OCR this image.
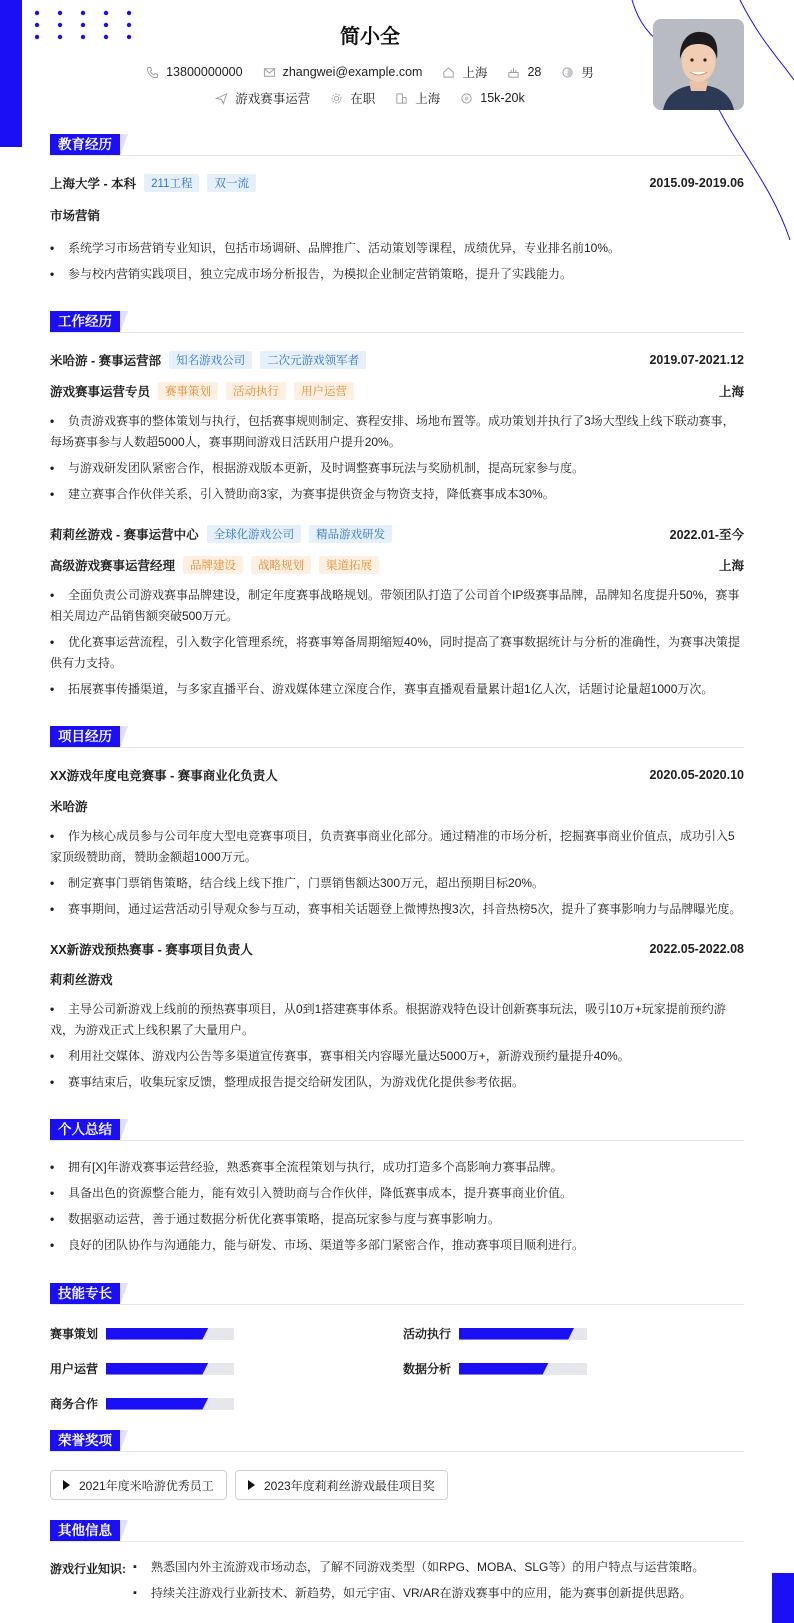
简小全
13800000000	zhangwei@example.com	上海	28	男
游戏赛事运营	在职	上海	15k-20k
教育经历
上海大学 - 本科	211工程	双一流	2015.09-2019.06
市场营销
• 系统学习市场营销专业知识，包括市场调研、品牌推广、活动策划等课程，成绩优异，专业排名前10%。
• 参与校内营销实践项目，独立完成市场分析报告，为模拟企业制定营销策略，提升了实践能力。
工作经历
米哈游 - 赛事运营部	知名游戏公司	二次元游戏领军者	2019.07-2021.12
游戏赛事运营专员	赛事策划	活动执行	用户运营	上海
• 负责游戏赛事的整体策划与执行，包括赛事规则制定、赛程安排、场地布置等。成功策划并执行了3场大型线上线下联动赛事，
每场赛事参与人数超5000人，赛事期间游戏日活跃用户提升20%。
• 与游戏研发团队紧密合作，根据游戏版本更新，及时调整赛事玩法与奖励机制，提高玩家参与度。
• 建立赛事合作伙伴关系，引入赞助商3家，为赛事提供资金与物资支持，降低赛事成本30%。
莉莉丝游戏 - 赛事运营中心	全球化游戏公司	精品游戏研发	2022.01-至今
高级游戏赛事运营经理	品牌建设	战略规划	渠道拓展	上海
• 全面负责公司游戏赛事品牌建设，制定年度赛事战略规划。带领团队打造了公司首个IP级赛事品牌，品牌知名度提升50%，赛事
相关周边产品销售额突破500万元。
• 优化赛事运营流程，引入数字化管理系统，将赛事筹备周期缩短40%，同时提高了赛事数据统计与分析的准确性，为赛事决策提
供有力支持。
• 拓展赛事传播渠道，与多家直播平台、游戏媒体建立深度合作，赛事直播观看量累计超1亿人次，话题讨论量超1000万次。
项目经历
XX游戏年度电竞赛事 - 赛事商业化负责人	2020.05-2020.10
米哈游
• 作为核心成员参与公司年度大型电竞赛事项目，负责赛事商业化部分。通过精准的市场分析，挖掘赛事商业价值点，成功引入5
家顶级赞助商，赞助金额超1000万元。
• 制定赛事门票销售策略，结合线上线下推广，门票销售额达300万元，超出预期目标20%。
• 赛事期间，通过运营活动引导观众参与互动，赛事相关话题登上微博热搜3次，抖音热榜5次，提升了赛事影响力与品牌曝光度。
XX新游戏预热赛事 - 赛事项目负责人	2022.05-2022.08
莉莉丝游戏
• 主导公司新游戏上线前的预热赛事项目，从0到1搭建赛事体系。根据游戏特色设计创新赛事玩法，吸引10万+玩家提前预约游
戏，为游戏正式上线积累了大量用户。
• 利用社交媒体、游戏内公告等多渠道宣传赛事，赛事相关内容曝光量达5000万+，新游戏预约量提升40%。
• 赛事结束后，收集玩家反馈，整理成报告提交给研发团队，为游戏优化提供参考依据。
个人总结
• 拥有[X]年游戏赛事运营经验，熟悉赛事全流程策划与执行，成功打造多个高影响力赛事品牌。
• 具备出色的资源整合能力，能有效引入赞助商与合作伙伴，降低赛事成本，提升赛事商业价值。
• 数据驱动运营，善于通过数据分析优化赛事策略，提高玩家参与度与赛事影响力。
• 良好的团队协作与沟通能力，能与研发、市场、渠道等多部门紧密合作，推动赛事项目顺利进行。
技能专长
赛事策划	活动执行
用户运营	数据分析
商务合作
荣誉奖项
2021年度米哈游优秀员工	2023年度莉莉丝游戏最佳项目奖
其他信息
游戏行业知识:
▪	熟悉国内外主流游戏市场动态，了解不同游戏类型（如RPG、MOBA、SLG等）的用户特点与运营策略。
▪ 持续关注游戏行业新技术、新趋势，如元宇宙、VR/AR在游戏赛事中的应用，能为赛事创新提供思路。
